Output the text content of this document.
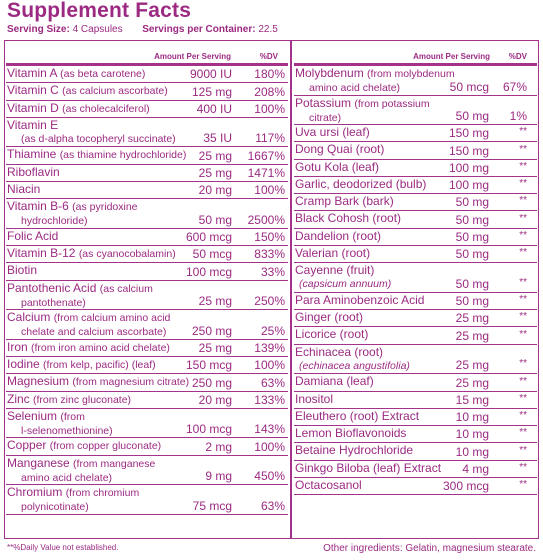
Supplement Facts
Serving Size: 4 Capsules Servings per Container: 22.5
Amount Per Serving	%DV
Vitamin A (as beta carotene)	9000 IU 180%
Vitamin C (as calcium ascorbate) 125 mg 208%
Vitamin D (as cholecalciferol)	400 IU 100%
Vitamin E
(as d-alpha tocopheryl succinate) 35 IU 117%
Thiamine (as thiamine hydrochloride) 25 mg 1667%
Riboflavin	25 mg 1471%
Niacin	20 mg 100%
Vitamin B-6 (as pyridoxine
hydrochloride)	50 mg 2500%
Folic Acid	600 mcg 150%
Vitamin B-12 (as cyanocobalamin) 50 mcg 833%
Biotin	100 mcg 33%
Pantothenic Acid (as calcium
pantothenate)	25 mg 250%
Calcium (from calcium amino acid
chelate and calcium ascorbate)	250 mg 25%
Iron (from iron amino acid chelate) 25 mg 139%
Iodine (from kelp, pacific) (leaf)	150 mcg 100%
Magnesium (from magnesium citrate) 250 mg 63%
Zinc (from zinc gluconate)	20 mg 133%
Selenium (from
l-selenomethionine)	100 mcg 143%
Copper (from copper gluconate)	2 mg 100%
Manganese (from manganese
amino acid chelate)	9 mg 450%
Chromium (from chromium
polynicotinate)	75 mcg 63%
Amount Per Serving %DV
Molybdenum (from molybdenum
amino acid chelate)	50 mcg 67%
Potassium (from potassium
citrate)	50 mg 1%
Uva ursi (leaf)	150 mg	**
Dong Quai (root)	150 mg	**
Gotu Kola (leaf)	100 mg	**
Garlic, deodorized (bulb) 100 mg	**
Cramp Bark (bark)	50 mg	**
Black Cohosh (root)	50 mg	**
Dandelion (root)	50 mg	**
Valerian (root)	50 mg	**
Cayenne (fruit)
(capsicum annuum)	50 mg	**
Para Aminobenzoic Acid	50 mg	**
Ginger (root)	25 mg	**
Licorice (root)	25 mg	**
Echinacea (root)
(echinacea angustifolia)	25 mg	**
Damiana (leaf)	25 mg	**
Inositol	15 mg	**
Eleuthero (root) Extract	10 mg	**
Lemon Bioflavonoids	10 mg	**
Betaine Hydrochloride	10 mg	**
Ginkgo Biloba (leaf) Extract 4 mg	**
Octacosanol	300 mcg	**
**%Daily Value not established.	Other ingredients: Gelatin, magnesium stearate.
